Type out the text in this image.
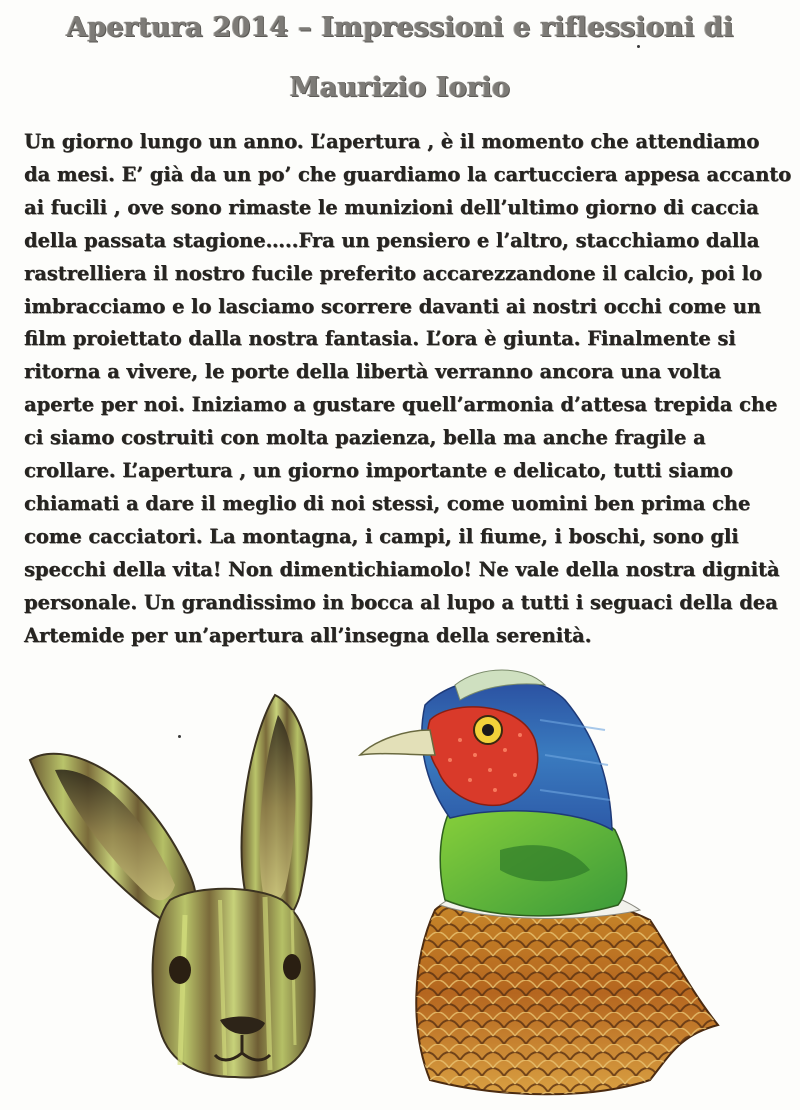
Apertura 2014 – Impressioni e riflessioni di
Maurizio Iorio

Un giorno lungo un anno. L’apertura , è il momento che attendiamo
da mesi. E’ già da un po’ che guardiamo la cartucciera appesa accanto
ai fucili , ove sono rimaste le munizioni dell’ultimo giorno di caccia
della passata stagione…..Fra un pensiero e l’altro, stacchiamo dalla
rastrelliera il nostro fucile preferito accarezzandone il calcio, poi lo
imbracciamo e lo lasciamo scorrere davanti ai nostri occhi come un
film proiettato dalla nostra fantasia. L’ora è giunta. Finalmente si
ritorna a vivere, le porte della libertà verranno ancora una volta
aperte per noi. Iniziamo a gustare quell’armonia d’attesa trepida che
ci siamo costruiti con molta pazienza, bella ma anche fragile a
crollare. L’apertura , un giorno importante e delicato, tutti siamo
chiamati a dare il meglio di noi stessi, come uomini ben prima che
come cacciatori. La montagna, i campi, il fiume, i boschi, sono gli
specchi della vita! Non dimentichiamolo! Ne vale della nostra dignità
personale. Un grandissimo in bocca al lupo a tutti i seguaci della dea
Artemide per un’apertura all’insegna della serenità.
